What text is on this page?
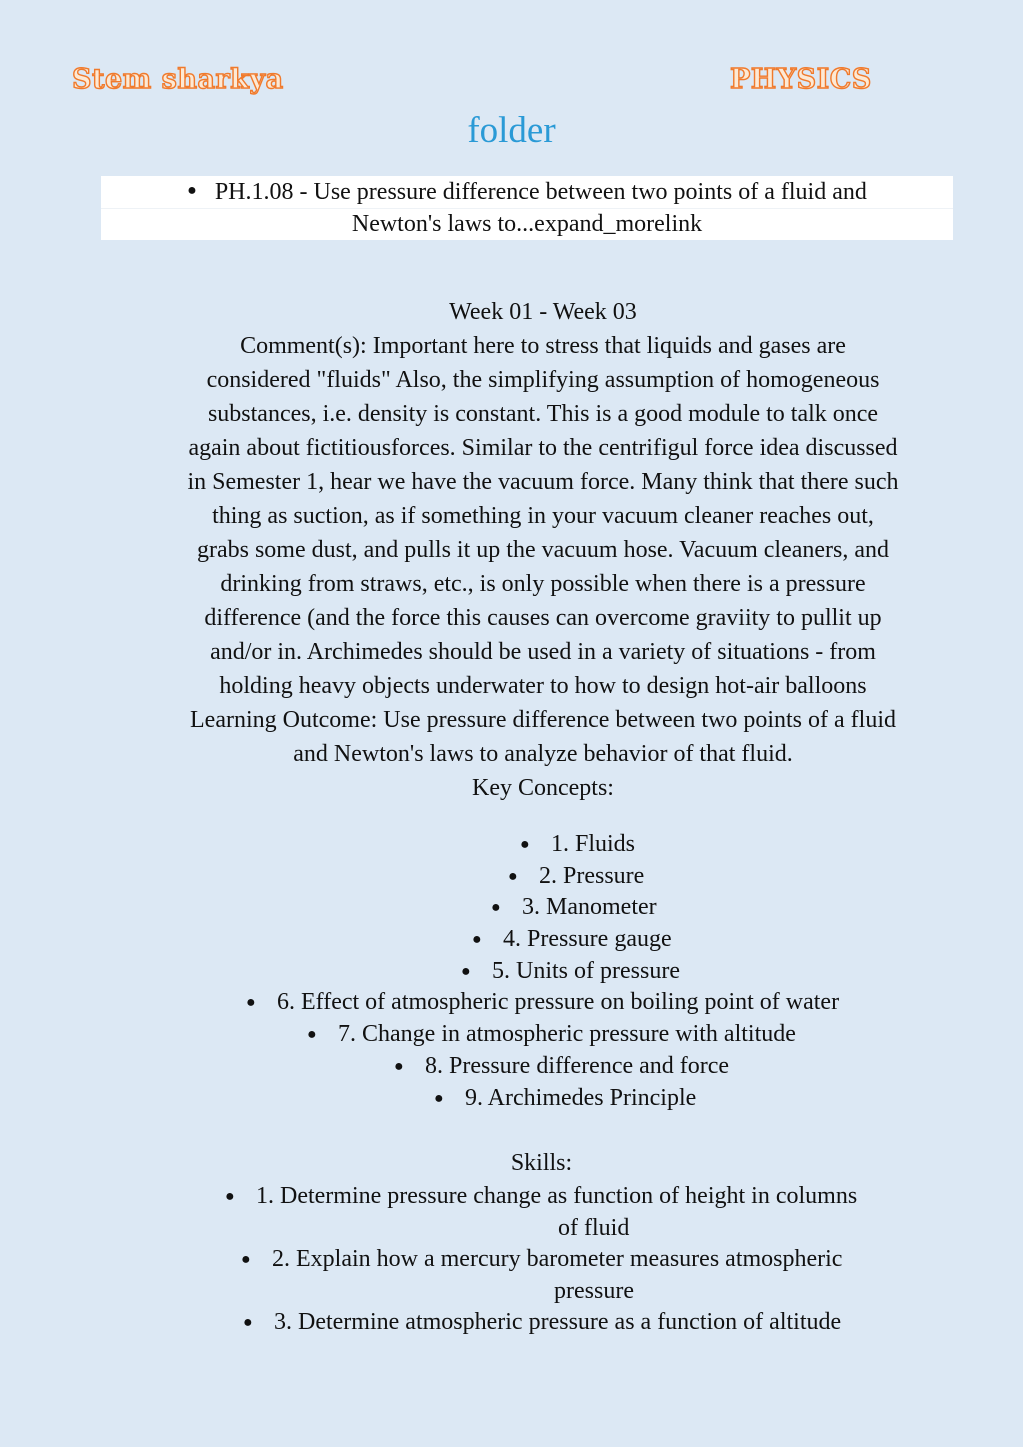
Stem sharkya	PHYSICS
folder
● PH.1.08 - Use pressure difference between two points of a fluid and
Newton's laws to...expand_morelink
Week 01 - Week 03
Comment(s): Important here to stress that liquids and gases are
considered "fluids" Also, the simplifying assumption of homogeneous
substances, i.e. density is constant. This is a good module to talk once
again about fictitiousforces. Similar to the centrifigul force idea discussed
in Semester 1, hear we have the vacuum force. Many think that there such
thing as suction, as if something in your vacuum cleaner reaches out,
grabs some dust, and pulls it up the vacuum hose. Vacuum cleaners, and
drinking from straws, etc., is only possible when there is a pressure
difference (and the force this causes can overcome graviity to pullit up
and/or in. Archimedes should be used in a variety of situations - from
holding heavy objects underwater to how to design hot-air balloons
Learning Outcome: Use pressure difference between two points of a fluid
and Newton's laws to analyze behavior of that fluid.
Key Concepts:
● 1. Fluids
● 2. Pressure
● 3. Manometer
● 4. Pressure gauge
● 5. Units of pressure
● 6. Effect of atmospheric pressure on boiling point of water
● 7. Change in atmospheric pressure with altitude
● 8. Pressure difference and force
● 9. Archimedes Principle
Skills:
● 1. Determine pressure change as function of height in columns
of fluid
● 2. Explain how a mercury barometer measures atmospheric
pressure
● 3. Determine atmospheric pressure as a function of altitude
